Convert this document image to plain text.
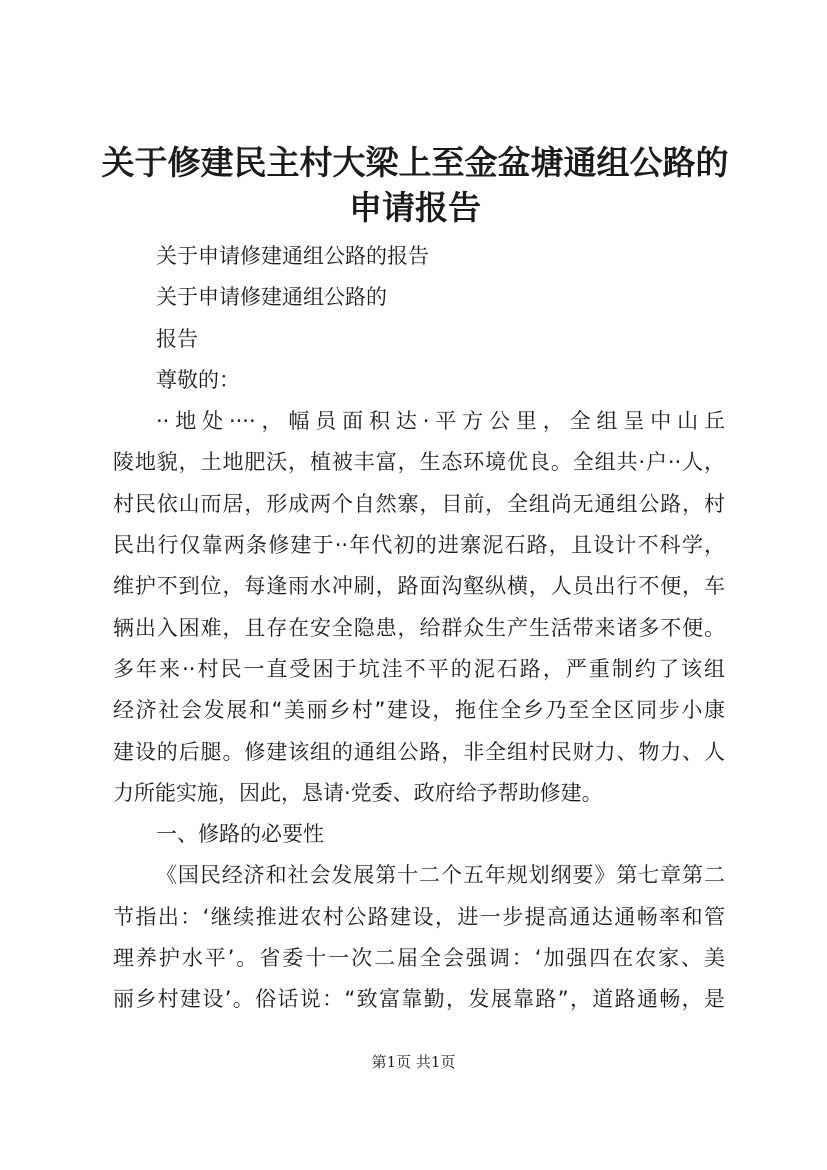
关于修建民主村大梁上至金盆塘通组公路的申请报告
关于申请修建通组公路的报告
关于申请修建通组公路的
报告
尊敬的：
··地处····，幅员面积达·平方公里，全组呈中山丘
陵地貌，土地肥沃，植被丰富，生态环境优良。全组共·户··人，
村民依山而居，形成两个自然寨，目前，全组尚无通组公路，村
民出行仅靠两条修建于··年代初的进寨泥石路，且设计不科学，
维护不到位，每逢雨水冲刷，路面沟壑纵横，人员出行不便，车
辆出入困难，且存在安全隐患，给群众生产生活带来诸多不便。
多年来··村民一直受困于坑洼不平的泥石路，严重制约了该组
经济社会发展和“美丽乡村”建设，拖住全乡乃至全区同步小康
建设的后腿。修建该组的通组公路，非全组村民财力、物力、人
力所能实施，因此，恳请·党委、政府给予帮助修建。
一、修路的必要性
《国民经济和社会发展第十二个五年规划纲要》第七章第二
节指出：‘继续推进农村公路建设，进一步提高通达通畅率和管
理养护水平’。省委十一次二届全会强调：‘加强四在农家、美
丽乡村建设’。俗话说：“致富靠勤，发展靠路”，道路通畅，是
第1页 共1页
